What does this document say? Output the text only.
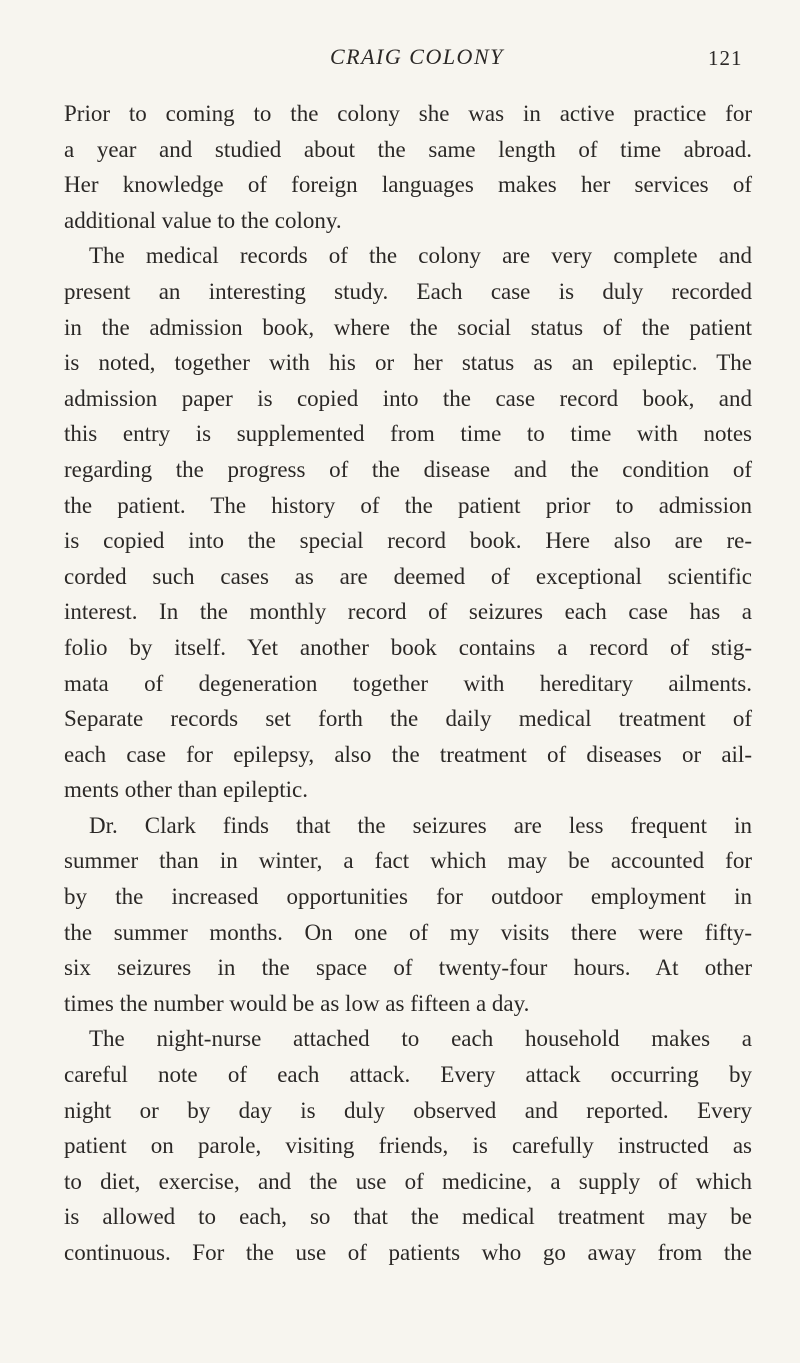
CRAIG COLONY	121
Prior to coming to the colony she was in active practice for
a year and studied about the same length of time abroad.
Her knowledge of foreign languages makes her services of
additional value to the colony.
The medical records of the colony are very complete and
present an interesting study. Each case is duly recorded
in the admission book, where the social status of the patient
is noted, together with his or her status as an epileptic. The
admission paper is copied into the case record book, and
this entry is supplemented from time to time with notes
regarding the progress of the disease and the condition of
the patient. The history of the patient prior to admission
is copied into the special record book. Here also are re-
corded such cases as are deemed of exceptional scientific
interest. In the monthly record of seizures each case has a
folio by itself. Yet another book contains a record of stig-
mata of degeneration together with hereditary ailments.
Separate records set forth the daily medical treatment of
each case for epilepsy, also the treatment of diseases or ail-
ments other than epileptic.
Dr. Clark finds that the seizures are less frequent in
summer than in winter, a fact which may be accounted for
by the increased opportunities for outdoor employment in
the summer months. On one of my visits there were fifty-
six seizures in the space of twenty-four hours. At other
times the number would be as low as fifteen a day.
The night-nurse attached to each household makes a
careful note of each attack. Every attack occurring by
night or by day is duly observed and reported. Every
patient on parole, visiting friends, is carefully instructed as
to diet, exercise, and the use of medicine, a supply of which
is allowed to each, so that the medical treatment may be
continuous. For the use of patients who go away from the
